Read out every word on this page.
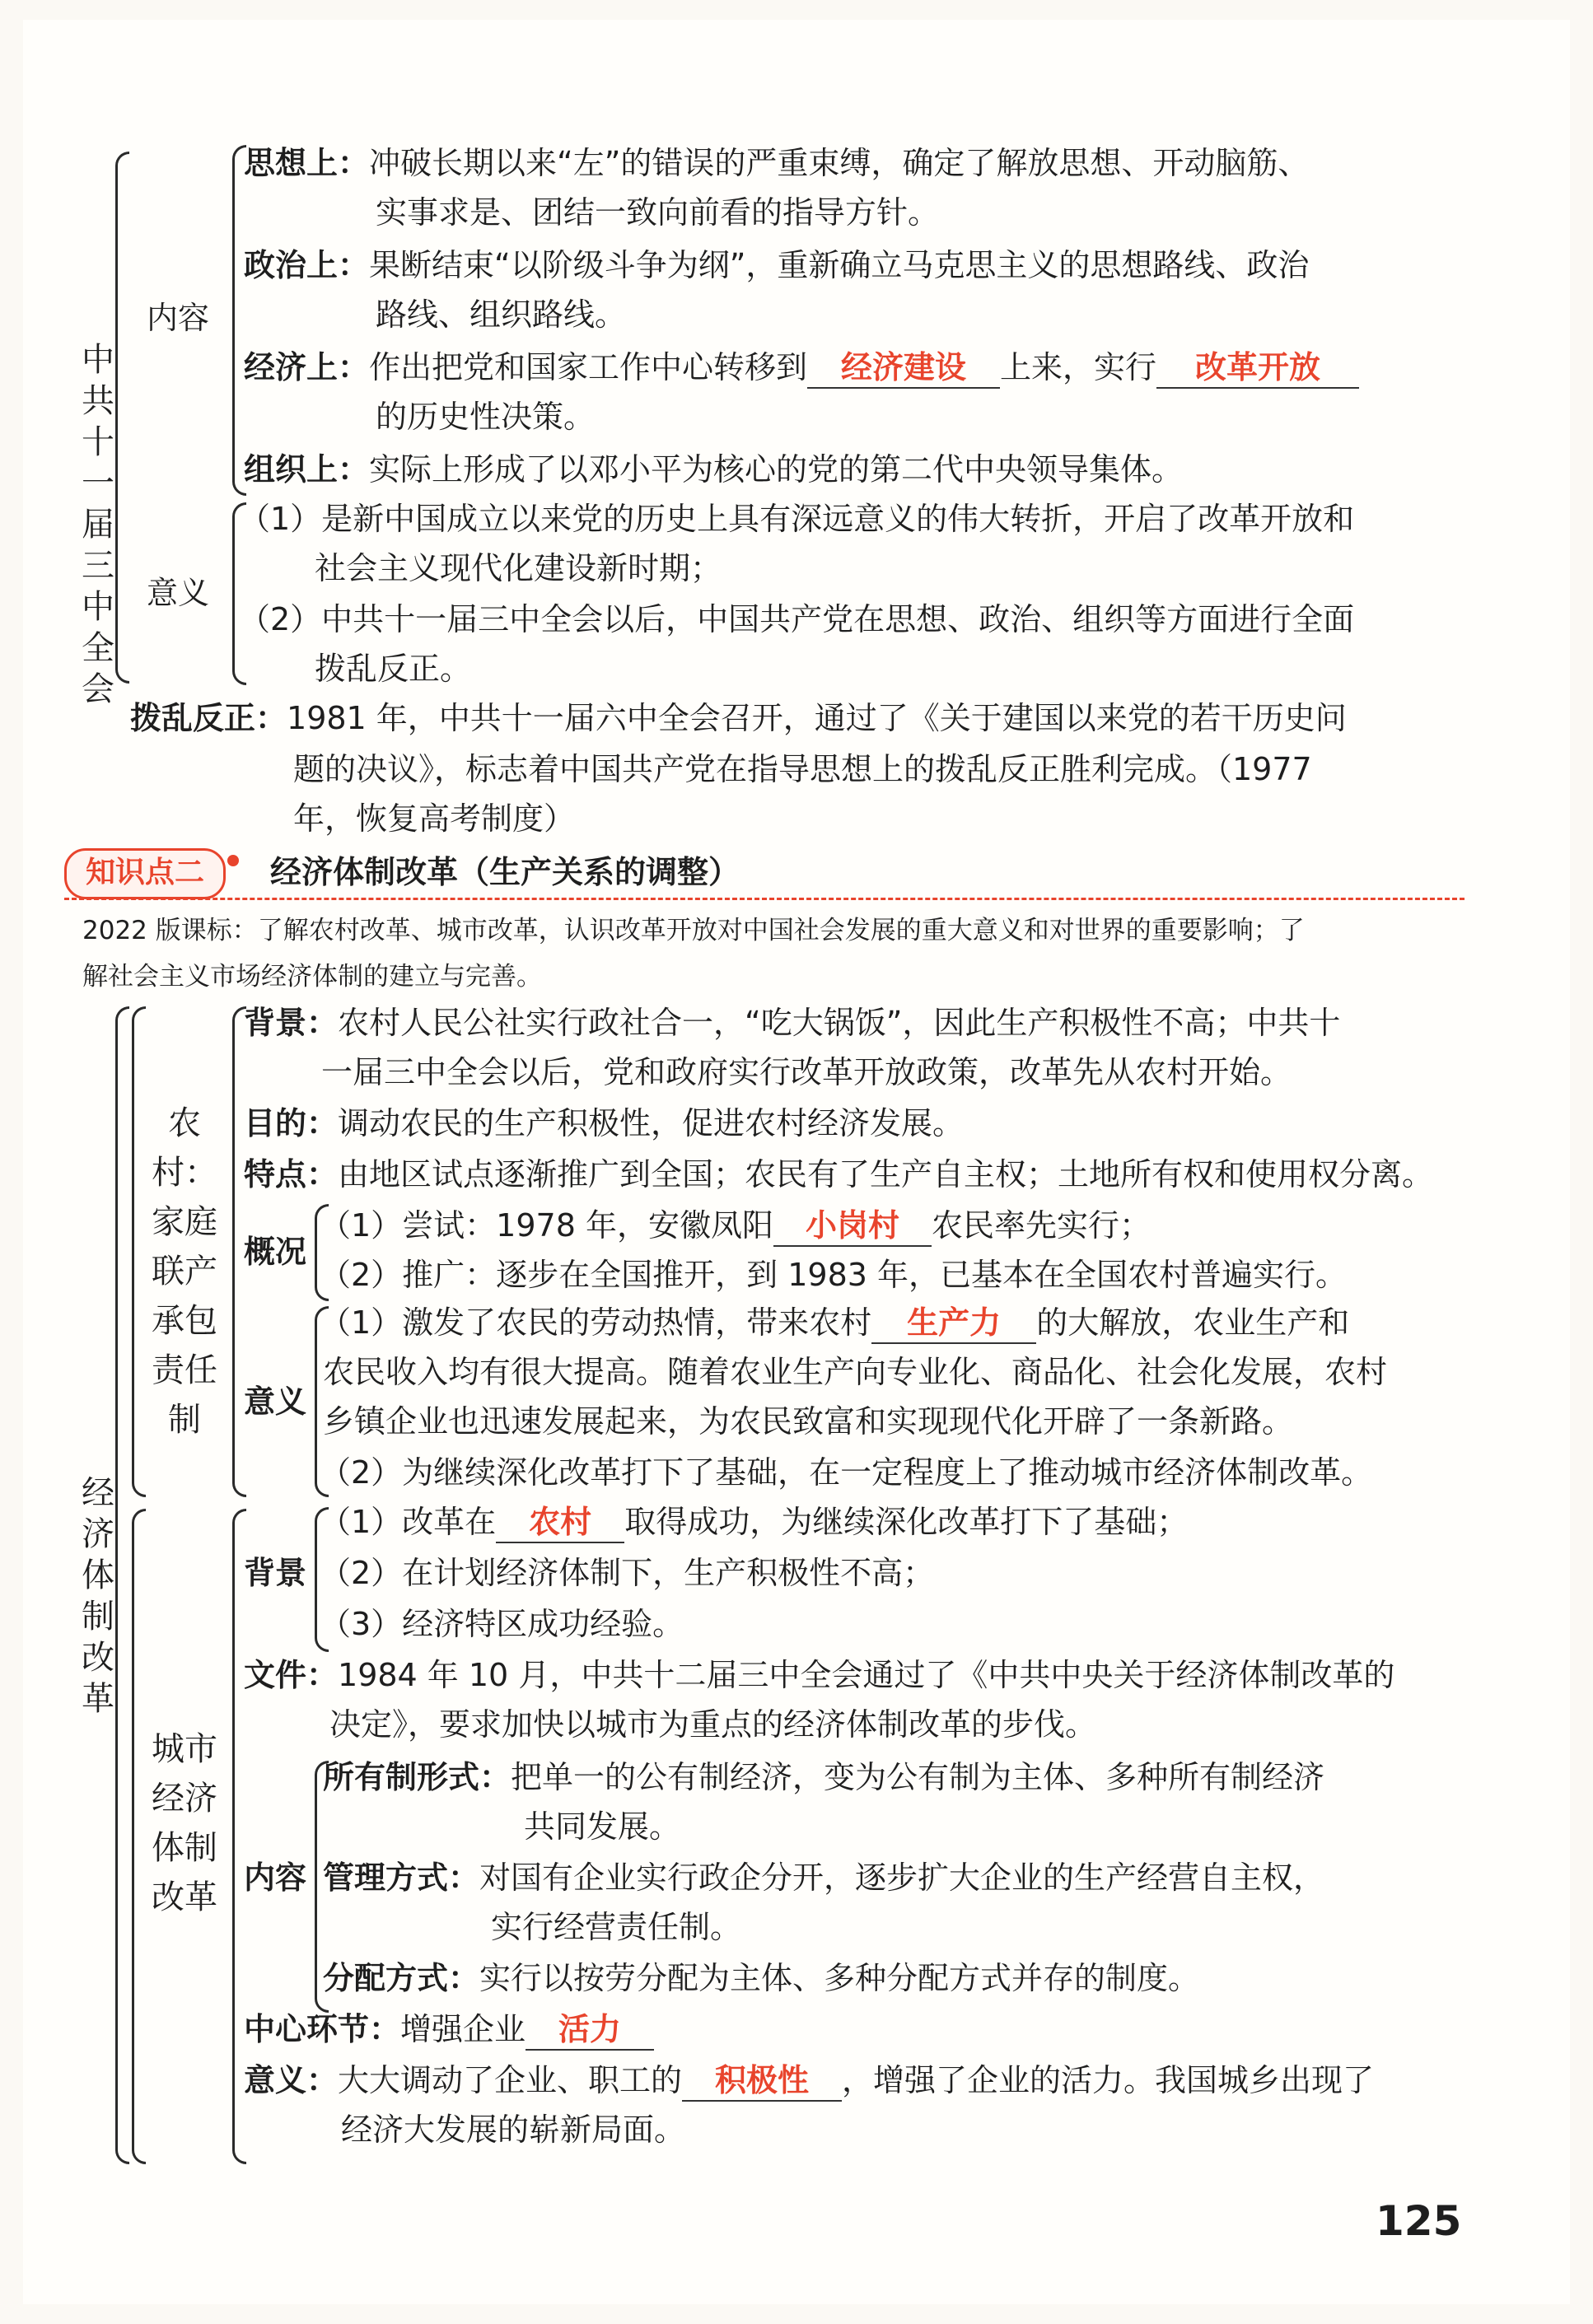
中
共
十
一
届
三
中
全
会
内容
思想上：冲破长期以来“左”的错误的严重束缚，确定了解放思想、开动脑筋、
实事求是、团结一致向前看的指导方针。
政治上：果断结束“以阶级斗争为纲”，重新确立马克思主义的思想路线、政治
路线、组织路线。
经济上：作出把党和国家工作中心转移到 经济建设 上来，实行 改革开放
的历史性决策。
组织上：实际上形成了以邓小平为核心的党的第二代中央领导集体。
意义
（1）是新中国成立以来党的历史上具有深远意义的伟大转折，开启了改革开放和
社会主义现代化建设新时期；
（2）中共十一届三中全会以后，中国共产党在思想、政治、组织等方面进行全面
拨乱反正。
拨乱反正：1981 年，中共十一届六中全会召开，通过了《关于建国以来党的若干历史问
题的决议》，标志着中国共产党在指导思想上的拨乱反正胜利完成。（1977
年，恢复高考制度）
知识点二	经济体制改革（生产关系的调整）
2022 版课标：了解农村改革、城市改革，认识改革开放对中国社会发展的重大意义和对世界的重要影响；了
解社会主义市场经济体制的建立与完善。
经
济
体
制
改
革
农村：
家庭
联产
承包
责任
制
背景：农村人民公社实行政社合一，“吃大锅饭”，因此生产积极性不高；中共十
一届三中全会以后，党和政府实行改革开放政策，改革先从农村开始。
目的：调动农民的生产积极性，促进农村经济发展。
特点：由地区试点逐渐推广到全国；农民有了生产自主权；土地所有权和使用权分离。
概况
（1）尝试：1978 年，安徽凤阳 小岗村 农民率先实行；
（2）推广：逐步在全国推开，到 1983 年，已基本在全国农村普遍实行。
意义
（1）激发了农民的劳动热情，带来农村 生产力 的大解放，农业生产和
农民收入均有很大提高。随着农业生产向专业化、商品化、社会化发展，农村
乡镇企业也迅速发展起来，为农民致富和实现现代化开辟了一条新路。
（2）为继续深化改革打下了基础，在一定程度上了推动城市经济体制改革。
城市
经济
体制
改革
背景
（1）改革在 农村 取得成功，为继续深化改革打下了基础；
（2）在计划经济体制下，生产积极性不高；
（3）经济特区成功经验。
文件：1984 年 10 月，中共十二届三中全会通过了《中共中央关于经济体制改革的
决定》，要求加快以城市为重点的经济体制改革的步伐。
内容
所有制形式：把单一的公有制经济，变为公有制为主体、多种所有制经济
共同发展。
管理方式：对国有企业实行政企分开，逐步扩大企业的生产经营自主权，
实行经营责任制。
分配方式：实行以按劳分配为主体、多种分配方式并存的制度。
中心环节：增强企业 活力
意义：大大调动了企业、职工的 积极性 ，增强了企业的活力。我国城乡出现了
经济大发展的崭新局面。
125
